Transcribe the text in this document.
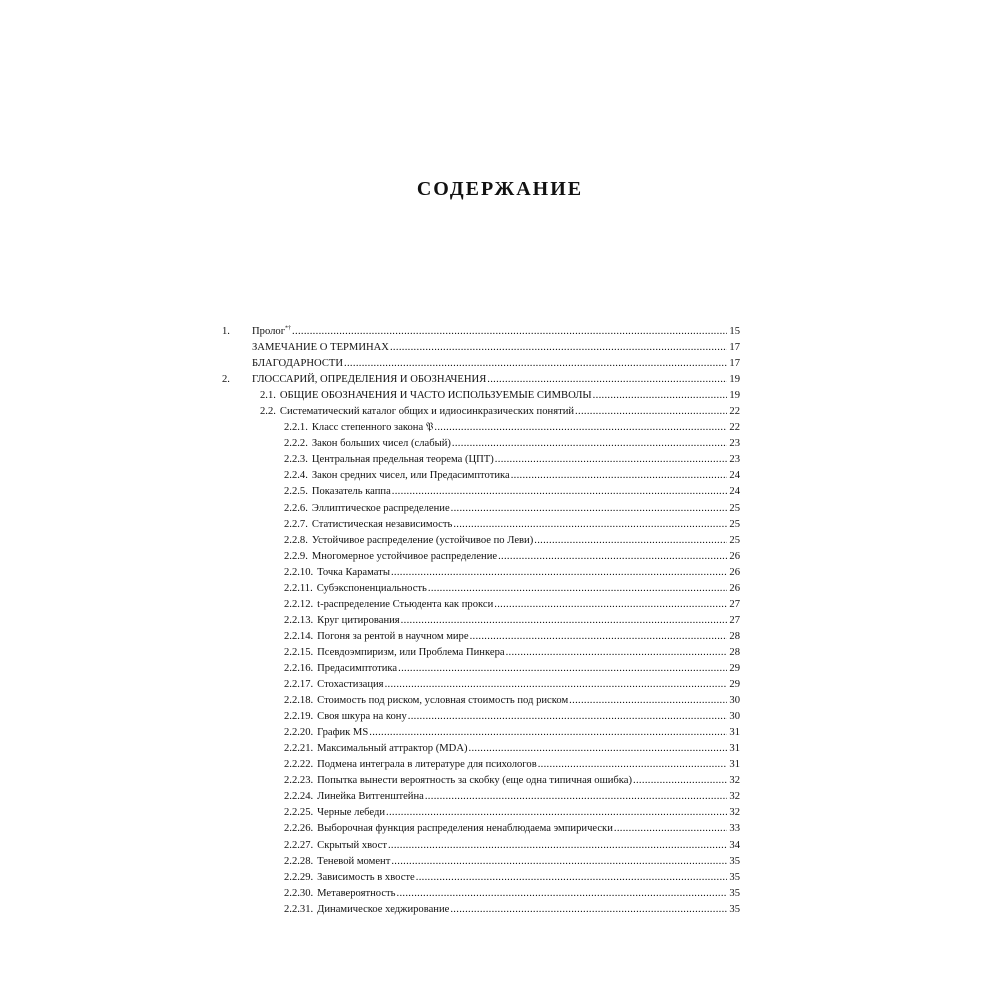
СОДЕРЖАНИЕ
1.	Пролог*† .....	15
ЗАМЕЧАНИЕ О ТЕРМИНАХ .....	17
БЛАГОДАРНОСТИ .....	17
2.	ГЛОССАРИЙ, ОПРЕДЕЛЕНИЯ И ОБОЗНАЧЕНИЯ .....	19
2.1. ОБЩИЕ ОБОЗНАЧЕНИЯ И ЧАСТО ИСПОЛЬЗУЕМЫЕ СИМВОЛЫ .....	19
2.2. Систематический каталог общих и идиосинкразических понятий .....	22
2.2.1. Класс степенного закона 𝔓 .....	22
2.2.2. Закон больших чисел (слабый) .....	23
2.2.3. Центральная предельная теорема (ЦПТ) .....	23
2.2.4. Закон средних чисел, или Предасимптотика .....	24
2.2.5. Показатель каппа .....	24
2.2.6. Эллиптическое распределение .....	25
2.2.7. Статистическая независимость .....	25
2.2.8. Устойчивое распределение (устойчивое по Леви) .....	25
2.2.9. Многомерное устойчивое распределение .....	26
2.2.10. Точка Караматы .....	26
2.2.11. Субэкспоненциальность .....	26
2.2.12. t-распределение Стьюдента как прокси .....	27
2.2.13. Круг цитирования .....	27
2.2.14. Погоня за рентой в научном мире .....	28
2.2.15. Псевдоэмпиризм, или Проблема Пинкера .....	28
2.2.16. Предасимптотика .....	29
2.2.17. Стохастизация .....	29
2.2.18. Стоимость под риском, условная стоимость под риском .....	30
2.2.19. Своя шкура на кону .....	30
2.2.20. График MS .....	31
2.2.21. Максимальный аттрактор (MDA) .....	31
2.2.22. Подмена интеграла в литературе для психологов .....	31
2.2.23. Попытка вынести вероятность за скобку (еще одна типичная ошибка) .....	32
2.2.24. Линейка Витгенштейна .....	32
2.2.25. Черные лебеди .....	32
2.2.26. Выборочная функция распределения ненаблюдаема эмпирически .....	33
2.2.27. Скрытый хвост .....	34
2.2.28. Теневой момент .....	35
2.2.29. Зависимость в хвосте .....	35
2.2.30. Метавероятность .....	35
2.2.31. Динамическое хеджирование .....	35
